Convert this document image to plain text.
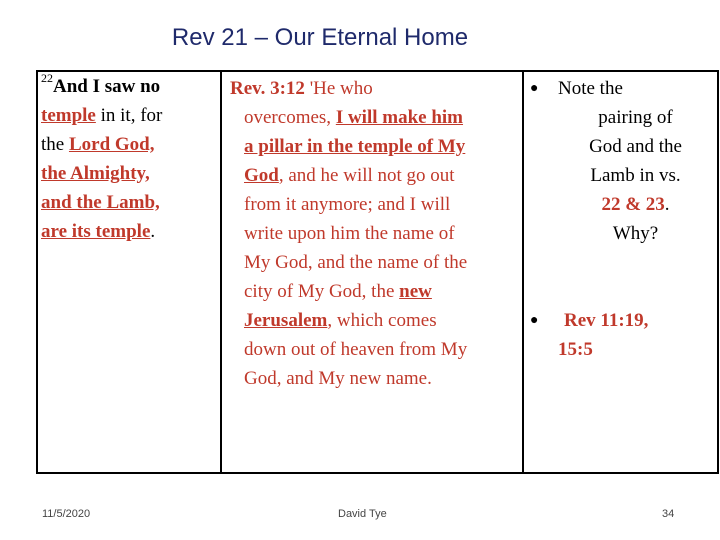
Rev 21 – Our Eternal Home
$^{22}$And I saw no
temple in it, for
the Lord God,
the Almighty,
and the Lamb,
are its temple.
Rev. 3:12 'He who
overcomes, I will make him
a pillar in the temple of My
God, and he will not go out
from it anymore; and I will
write upon him the name of
My God, and the name of the
city of My God, the new
Jerusalem, which comes
down out of heaven from My
God, and My new name.
● Note the
pairing of
God and the
Lamb in vs.
22 & 23.
Why?
●	Rev 11:19,
15:5
11/5/2020	David Tye	34
